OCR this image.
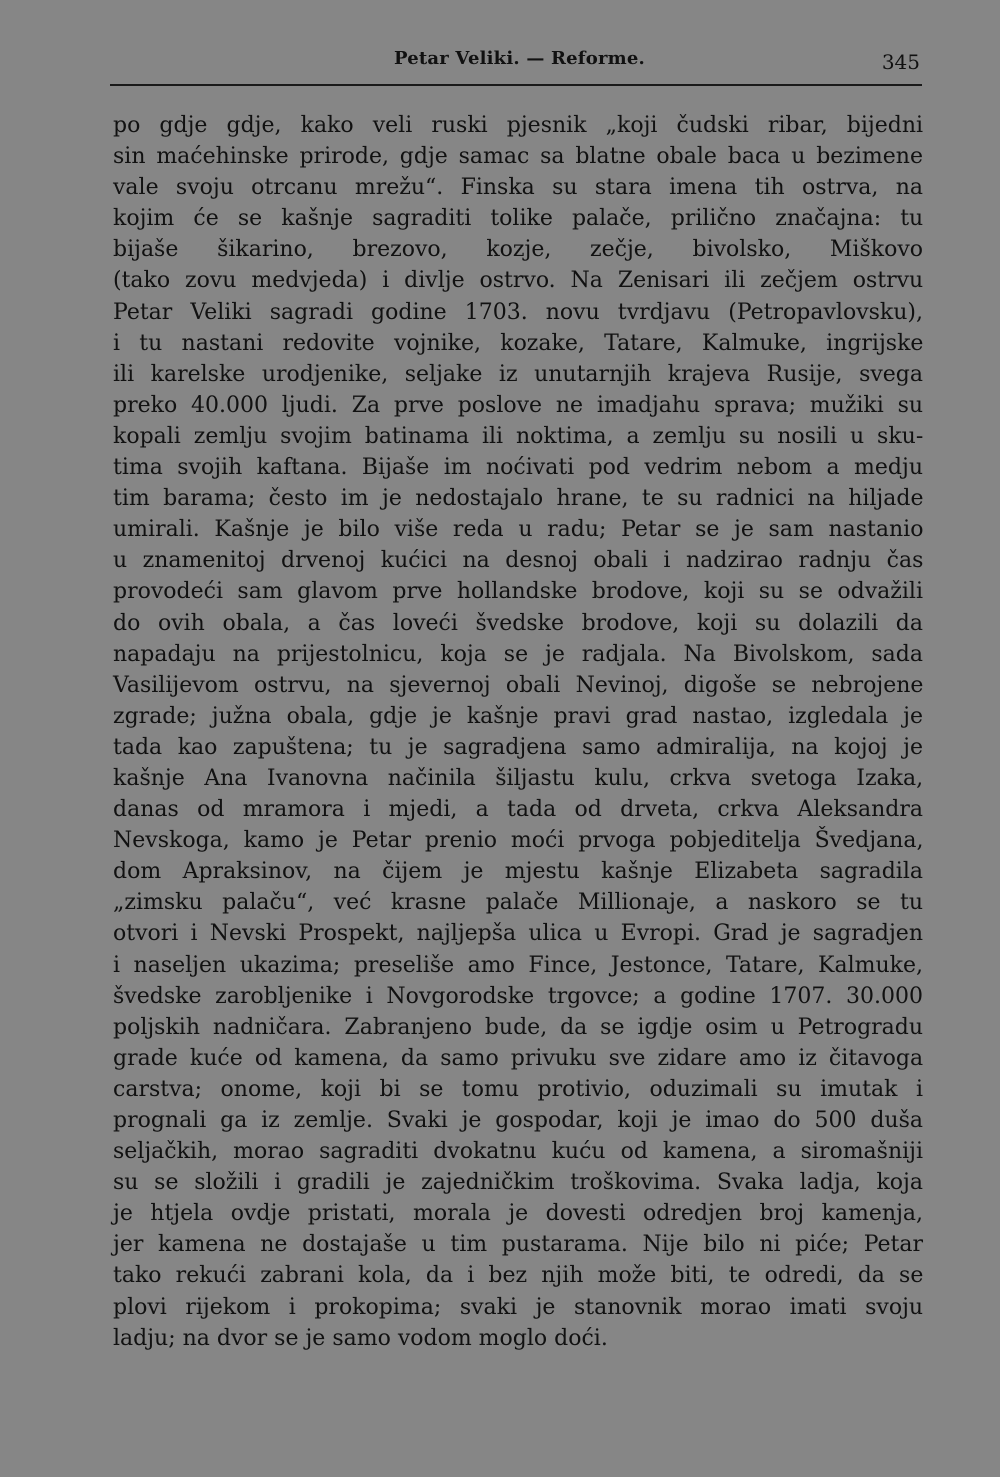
Petar Veliki. — Reforme.	345
po gdje gdje, kako veli ruski pjesnik „koji čudski ribar, bijedni
sin maćehinske prirode, gdje samac sa blatne obale baca u bezimene
vale svoju otrcanu mrežu“. Finska su stara imena tih ostrva, na
kojim će se kašnje sagraditi tolike palače, prilično značajna: tu
bijaše šikarino, brezovo, kozje, zečje, bivolsko, Miškovo
(tako zovu medvjeda) i divlje ostrvo. Na Zenisari ili zečjem ostrvu
Petar Veliki sagradi godine 1703. novu tvrdjavu (Petropavlovsku),
i tu nastani redovite vojnike, kozake, Tatare, Kalmuke, ingrijske
ili karelske urodjenike, seljake iz unutarnjih krajeva Rusije, svega
preko 40.000 ljudi. Za prve poslove ne imadjahu sprava; mužiki su
kopali zemlju svojim batinama ili noktima, a zemlju su nosili u sku-
tima svojih kaftana. Bijaše im noćivati pod vedrim nebom a medju
tim barama; često im je nedostajalo hrane, te su radnici na hiljade
umirali. Kašnje je bilo više reda u radu; Petar se je sam nastanio
u znamenitoj drvenoj kućici na desnoj obali i nadzirao radnju čas
provodeći sam glavom prve hollandske brodove, koji su se odvažili
do ovih obala, a čas loveći švedske brodove, koji su dolazili da
napadaju na prijestolnicu, koja se je radjala. Na Bivolskom, sada
Vasilijevom ostrvu, na sjevernoj obali Nevinoj, digoše se nebrojene
zgrade; južna obala, gdje je kašnje pravi grad nastao, izgledala je
tada kao zapuštena; tu je sagradjena samo admiralija, na kojoj je
kašnje Ana Ivanovna načinila šiljastu kulu, crkva svetoga Izaka,
danas od mramora i mjedi, a tada od drveta, crkva Aleksandra
Nevskoga, kamo je Petar prenio moći prvoga pobjeditelja Švedjana,
dom Apraksinov, na čijem je mjestu kašnje Elizabeta sagradila
„zimsku palaču“, već krasne palače Millionaje, a naskoro se tu
otvori i Nevski Prospekt, najljepša ulica u Evropi. Grad je sagradjen
i naseljen ukazima; preseliše amo Fince, Jestonce, Tatare, Kalmuke,
švedske zarobljenike i Novgorodske trgovce; a godine 1707. 30.000
poljskih nadničara. Zabranjeno bude, da se igdje osim u Petrogradu
grade kuće od kamena, da samo privuku sve zidare amo iz čitavoga
carstva; onome, koji bi se tomu protivio, oduzimali su imutak i
prognali ga iz zemlje. Svaki je gospodar, koji je imao do 500 duša
seljačkih, morao sagraditi dvokatnu kuću od kamena, a siromašniji
su se složili i gradili je zajedničkim troškovima. Svaka ladja, koja
je htjela ovdje pristati, morala je dovesti odredjen broj kamenja,
jer kamena ne dostajaše u tim pustarama. Nije bilo ni piće; Petar
tako rekući zabrani kola, da i bez njih može biti, te odredi, da se
plovi rijekom i prokopima; svaki je stanovnik morao imati svoju
ladju; na dvor se je samo vodom moglo doći.
